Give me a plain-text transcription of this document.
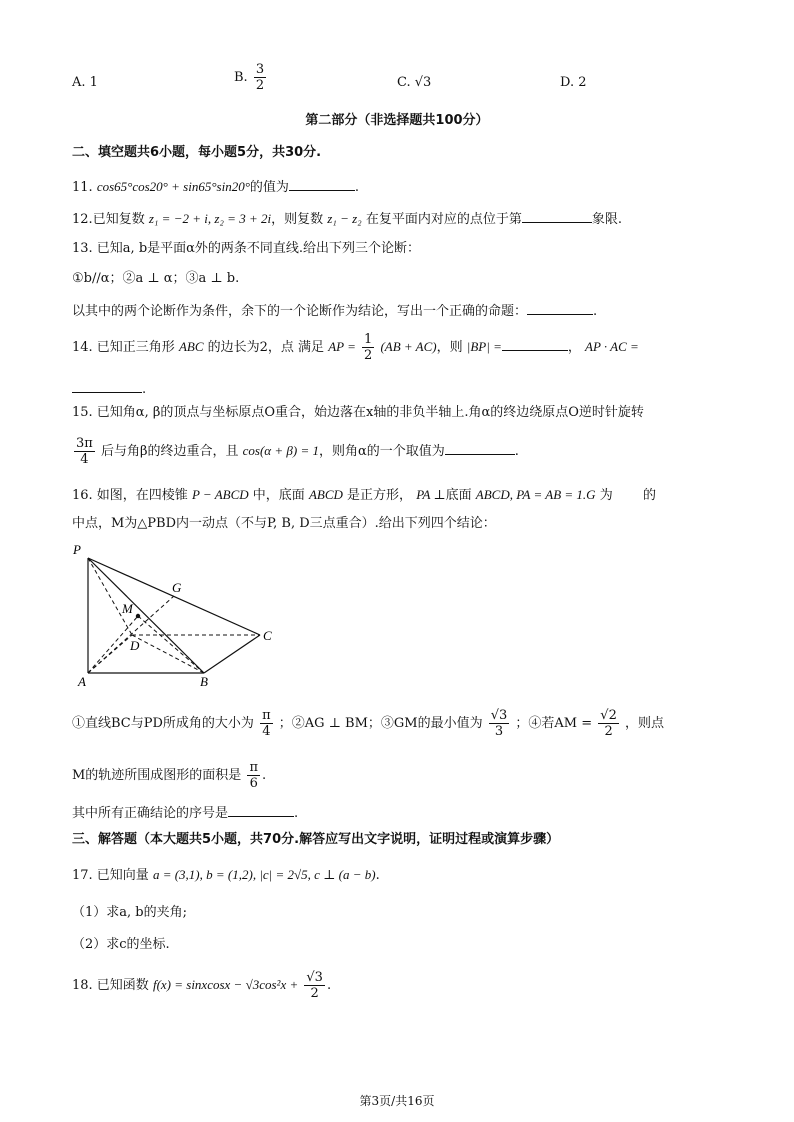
A. 1	B. $\frac{3}{2}$	C. √3	D. 2
第二部分（非选择题共100分）
二、填空题共6小题，每小题5分，共30分.
11. cos65°cos20° + sin65°sin20°的值为	.
12.已知复数 z₁ = −2 + i, z₂ = 3 + 2i，则复数 z₁ − z₂ 在复平面内对应的点位于第	象限.
13. 已知a, b是平面α外的两条不同直线.给出下列三个论断：
①b//α；②a ⊥ α；③a ⊥ b.
以其中的两个论断作为条件，余下的一个论断作为结论，写出一个正确的命题：	.
14. 已知正三角形 ABC 的边长为2，点 满足 AP = $\frac{1}{2} (AB + AC)$，则 |BP| =	， AP · AC =
.
15. 已知角α, β的顶点与坐标原点O重合，始边落在x轴的非负半轴上.角α的终边绕原点O逆时针旋转
$\frac{3\pi}{4}$ 后与角β的终边重合，且 cos(α + β) = 1，则角α的一个取值为	.
16. 如图，在四棱锥 P − ABCD 中，底面 ABCD 是正方形， PA ⊥底面 ABCD, PA = AB = 1.G 为 的
中点，M为△PBD内一动点（不与P, B, D三点重合）.给出下列四个结论：
P
G
M
D
C
A	B
①直线BC与PD所成角的大小为 $\frac{\pi}{4}$ ；②AG ⊥ BM；③GM的最小值为 $\frac{√3}{3}$ ；④若AM = $\frac{√2}{2}$ ，则点
M的轨迹所围成图形的面积是 $\frac{\pi}{6}$ .
其中所有正确结论的序号是	.
三、解答题（本大题共5小题，共70分.解答应写出文字说明，证明过程或演算步骤）
17. 已知向量 a = (3,1), b = (1,2), |c| = 2√5, c ⊥ (a − b).
（1）求a, b的夹角;
（2）求c的坐标.
18. 已知函数 f(x) = sinxcosx − $√3\cos^2x + \frac{√3}{2}$ .
第3页/共16页
